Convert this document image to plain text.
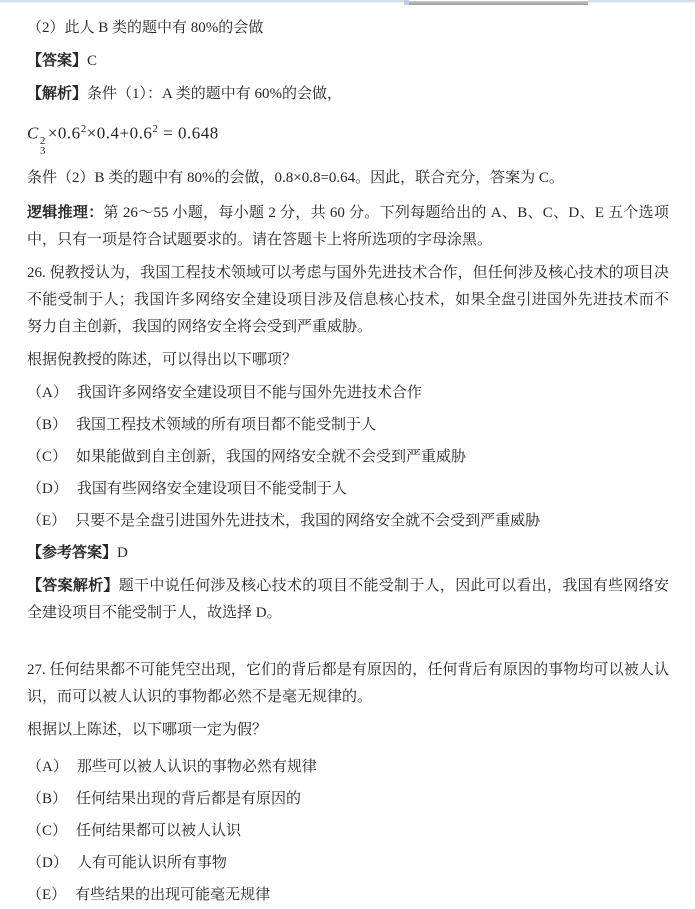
（2）此人 B 类的题中有 80%的会做
【答案】C
【解析】条件（1）：A 类的题中有 60%的会做，
C 2
3
$\times 0.6^2\times 0.4+0.6^2 = 0.648$
条件（2）B 类的题中有 80%的会做，0.8×0.8=0.64。因此，联合充分，答案为 C。
逻辑推理：第 26～55 小题，每小题 2 分，共 60 分。下列每题给出的 A、B、C、D、E 五个选项中，只有一项是符合试题要求的。请在答题卡上将所选项的字母涂黑。
26. 倪教授认为，我国工程技术领域可以考虑与国外先进技术合作，但任何涉及核心技术的项目决不能受制于人；我国许多网络安全建设项目涉及信息核心技术，如果全盘引进国外先进技术而不努力自主创新，我国的网络安全将会受到严重威胁。
根据倪教授的陈述，可以得出以下哪项？
（A） 我国许多网络安全建设项目不能与国外先进技术合作
（B） 我国工程技术领域的所有项目都不能受制于人
（C） 如果能做到自主创新，我国的网络安全就不会受到严重威胁
（D） 我国有些网络安全建设项目不能受制于人
（E） 只要不是全盘引进国外先进技术，我国的网络安全就不会受到严重威胁
【参考答案】D
【答案解析】题干中说任何涉及核心技术的项目不能受制于人，因此可以看出，我国有些网络安全建设项目不能受制于人，故选择 D。
27. 任何结果都不可能凭空出现，它们的背后都是有原因的，任何背后有原因的事物均可以被人认识，而可以被人认识的事物都必然不是毫无规律的。
根据以上陈述，以下哪项一定为假？
（A） 那些可以被人认识的事物必然有规律
（B） 任何结果出现的背后都是有原因的
（C） 任何结果都可以被人认识
（D） 人有可能认识所有事物
（E） 有些结果的出现可能毫无规律
